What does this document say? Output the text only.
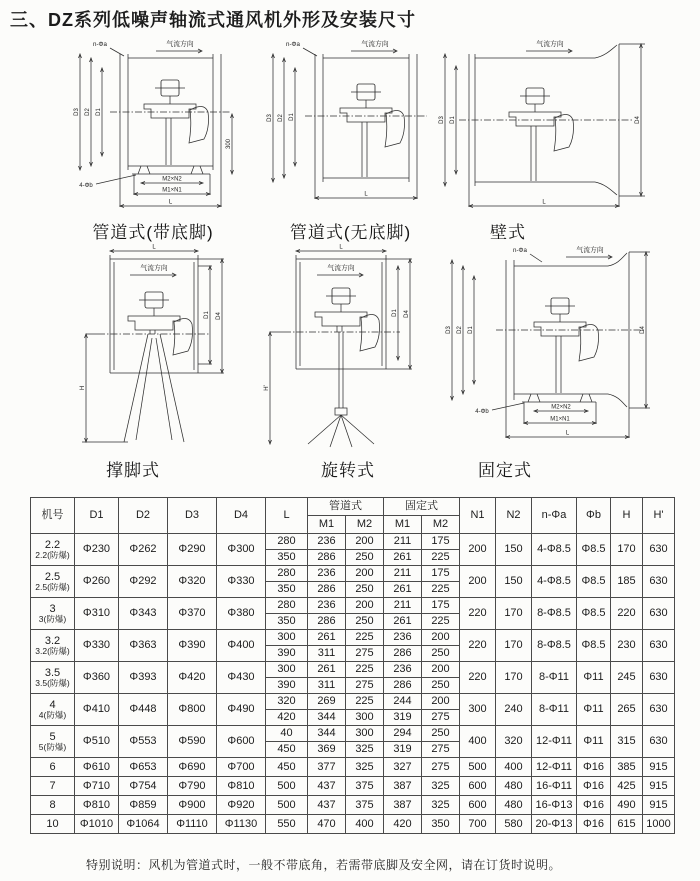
三、DZ系列低噪声轴流式通风机外形及安装尺寸
n-Φa	气流方向
4-Φb
D3 D2 D1
300
M2×N2
M1×N1
L
管道式(带底脚)
n-Φa	气流方向
D3 D2 D1
L
管道式(无底脚)
气流方向
D3 D1	D4
L
壁式
L
气流方向
D1 D4
H
撑脚式
L
气流方向
D1 D4
H'
旋转式
n-Φa	气流方向
4-Φb
D3 D2 D1	D4
M2×N2
M1×N1
L
固定式
机号	D1	D2	D3	D4	L	管道式		固定式		N1	N2	n-Φa	Φb	H	H'
						M1	M2	M1	M2						

2.2
2.2(防爆)	Φ230	Φ262	Φ290	Φ300	280	236	200	211	175	200	150	4-Φ8.5	Φ8.5	170	630
					350	286	250	261	225						

2.5
2.5(防爆)	Φ260	Φ292	Φ320	Φ330	280	236	200	211	175	200	150	4-Φ8.5	Φ8.5	185	630
					350	286	250	261	225						

3
3(防爆)	Φ310	Φ343	Φ370	Φ380	280	236	200	211	175	220	170	8-Φ8.5	Φ8.5	220	630
					350	286	250	261	225						

3.2
3.2(防爆)	Φ330	Φ363	Φ390	Φ400	300	261	225	236	200	220	170	8-Φ8.5	Φ8.5	230	630
					390	311	275	286	250						

3.5
3.5(防爆)	Φ360	Φ393	Φ420	Φ430	300	261	225	236	200	220	170	8-Φ11	Φ11	245	630
					390	311	275	286	250						

4
4(防爆)	Φ410	Φ448	Φ800	Φ490	320	269	225	244	200	300	240	8-Φ11	Φ11	265	630
					420	344	300	319	275						

5
5(防爆)	Φ510	Φ553	Φ590	Φ600	40	344	300	294	250	400	320	12-Φ11	Φ11	315	630
					450	369	325	319	275						
6	Φ610	Φ653	Φ690	Φ700	450	377	325	327	275	500	400	12-Φ11	Φ16	385	915
7	Φ710	Φ754	Φ790	Φ810	500	437	375	387	325	600	480	16-Φ11	Φ16	425	915
8	Φ810	Φ859	Φ900	Φ920	500	437	375	387	325	600	480	16-Φ13	Φ16	490	915
10	Φ1010	Φ1064	Φ1110	Φ1130	550	470	400	420	350	700	580	20-Φ13	Φ16	615	1000
特别说明：风机为管道式时，一般不带底角，若需带底脚及安全网，请在订货时说明。
